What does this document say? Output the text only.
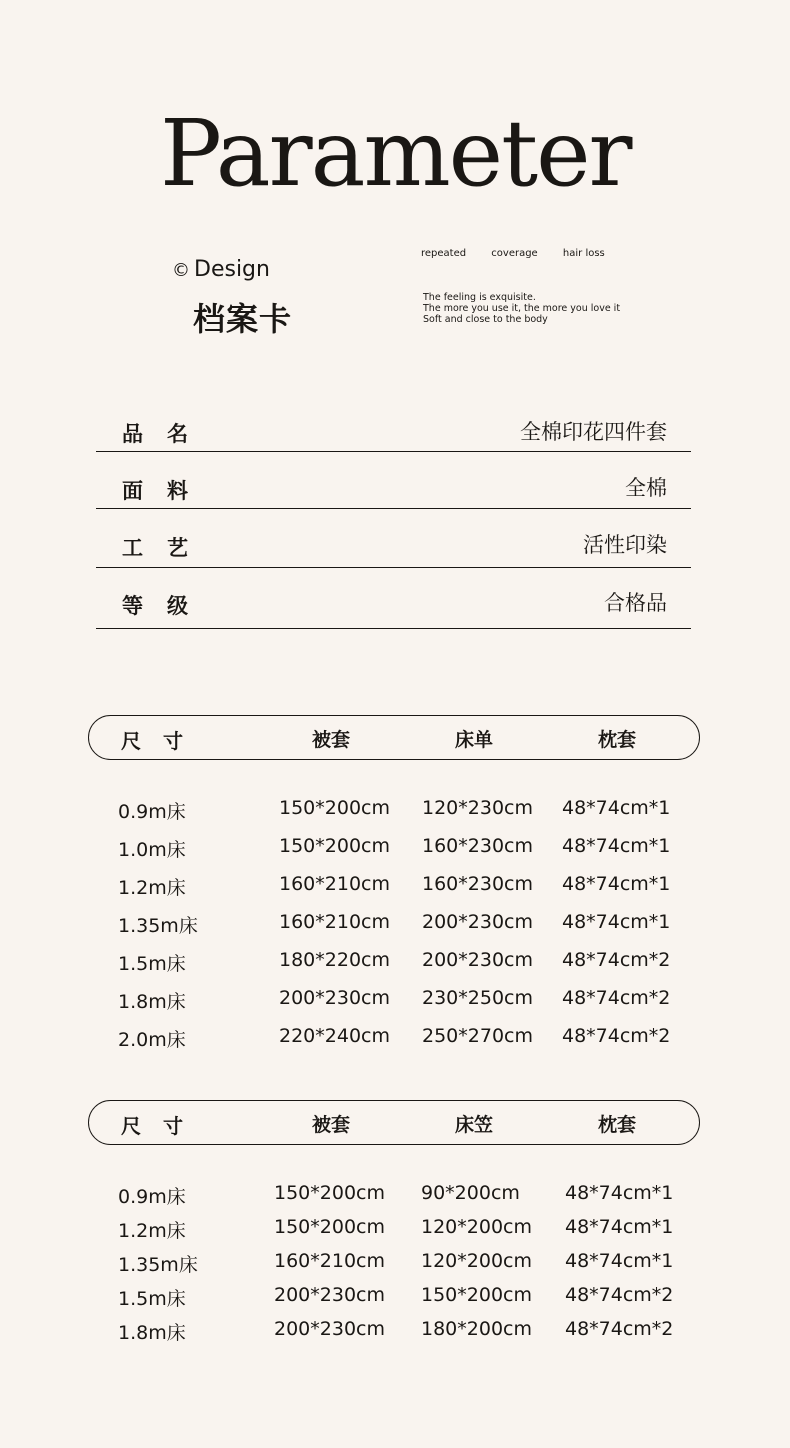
Parameter
© Design
档案卡
repeated	coverage	hair loss
The feeling is exquisite.
The more you use it, the more you love it
Soft and close to the body
品名	全棉印花四件套
面料	全棉
工艺	活性印染
等级	合格品
尺寸	被套	床单	枕套
0.9m床	150*200cm 120*230cm 48*74cm*1
1.0m床	150*200cm 160*230cm 48*74cm*1
1.2m床	160*210cm 160*230cm 48*74cm*1
1.35m床	160*210cm 200*230cm 48*74cm*1
1.5m床	180*220cm 200*230cm 48*74cm*2
1.8m床	200*230cm 230*250cm 48*74cm*2
2.0m床	220*240cm 250*270cm 48*74cm*2
尺寸	被套	床笠	枕套
0.9m床	150*200cm 90*200cm 48*74cm*1
1.2m床	150*200cm 120*200cm 48*74cm*1
1.35m床	160*210cm 120*200cm 48*74cm*1
1.5m床	200*230cm 150*200cm 48*74cm*2
1.8m床	200*230cm 180*200cm 48*74cm*2
